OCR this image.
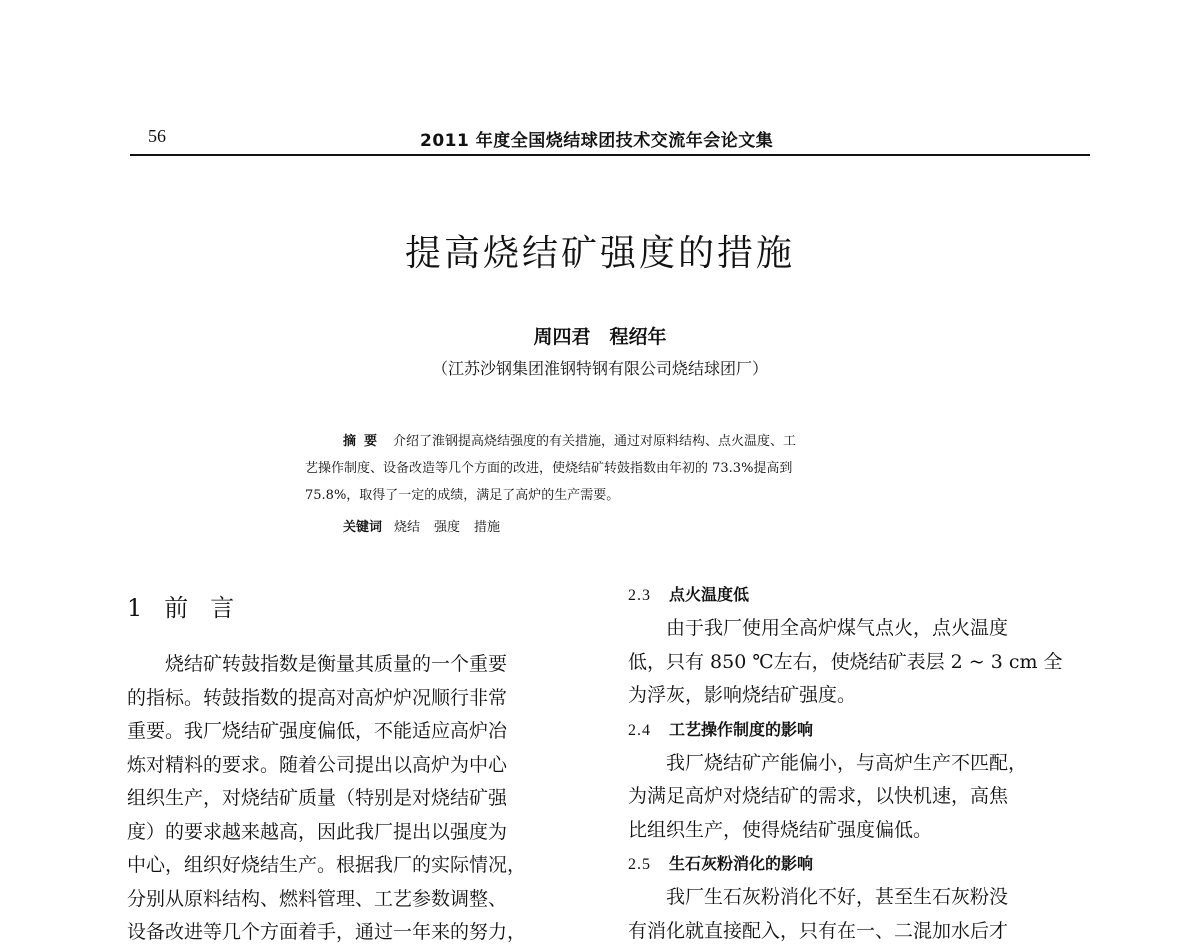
56	2011 年度全国烧结球团技术交流年会论文集
提高烧结矿强度的措施
周四君　程绍年
（江苏沙钢集团淮钢特钢有限公司烧结球团厂）
摘要 介绍了淮钢提高烧结强度的有关措施，通过对原料结构、点火温度、工
艺操作制度、设备改造等几个方面的改进，使烧结矿转鼓指数由年初的 73.3%提高到
75.8%，取得了一定的成绩，满足了高炉的生产需要。
关键词 烧结 强度 措施
1 前言
烧结矿转鼓指数是衡量其质量的一个重要
的指标。转鼓指数的提高对高炉炉况顺行非常
重要。我厂烧结矿强度偏低，不能适应高炉冶
炼对精料的要求。随着公司提出以高炉为中心
组织生产，对烧结矿质量（特别是对烧结矿强
度）的要求越来越高，因此我厂提出以强度为
中心，组织好烧结生产。根据我厂的实际情况，
分别从原料结构、燃料管理、工艺参数调整、
设备改进等几个方面着手，通过一年来的努力，
2.3 点火温度低
由于我厂使用全高炉煤气点火，点火温度
低，只有 850 ℃左右，使烧结矿表层 2 ~ 3 cm 全
为浮灰，影响烧结矿强度。
2.4 工艺操作制度的影响
我厂烧结矿产能偏小，与高炉生产不匹配，
为满足高炉对烧结矿的需求，以快机速，高焦
比组织生产，使得烧结矿强度偏低。
2.5 生石灰粉消化的影响
我厂生石灰粉消化不好，甚至生石灰粉没
有消化就直接配入，只有在一、二混加水后才
